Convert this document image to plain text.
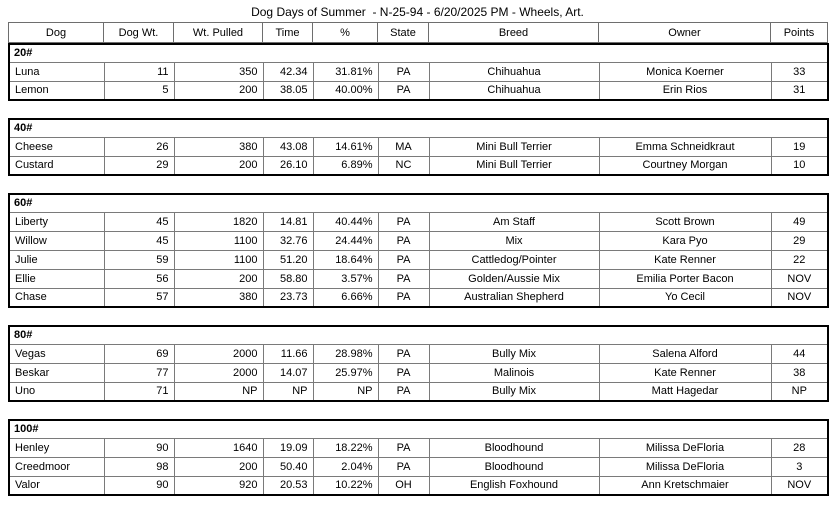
Dog Days of Summer  - N-25-94 - 6/20/2025 PM - Wheels, Art.
Dog	Dog Wt.	Wt. Pulled	Time	%	State	Breed	Owner	Points
20#								
Luna	11	350	42.34	31.81%	PA	Chihuahua	Monica Koerner	33
Lemon	5	200	38.05	40.00%	PA	Chihuahua	Erin Rios	31
40#								
Cheese	26	380	43.08	14.61%	MA	Mini Bull Terrier	Emma Schneidkraut	19
Custard	29	200	26.10	6.89%	NC	Mini Bull Terrier	Courtney Morgan	10
60#								
Liberty	45	1820	14.81	40.44%	PA	Am Staff	Scott Brown	49
Willow	45	1100	32.76	24.44%	PA	Mix	Kara Pyo	29
Julie	59	1100	51.20	18.64%	PA	Cattledog/Pointer	Kate Renner	22
Ellie	56	200	58.80	3.57%	PA	Golden/Aussie Mix	Emilia Porter Bacon	NOV
Chase	57	380	23.73	6.66%	PA	Australian Shepherd	Yo Cecil	NOV
80#								
Vegas	69	2000	11.66	28.98%	PA	Bully Mix	Salena Alford	44
Beskar	77	2000	14.07	25.97%	PA	Malinois	Kate Renner	38
Uno	71	NP	NP	NP	PA	Bully Mix	Matt Hagedar	NP
100#								
Henley	90	1640	19.09	18.22%	PA	Bloodhound	Milissa DeFloria	28
Creedmoor	98	200	50.40	2.04%	PA	Bloodhound	Milissa DeFloria	3
Valor	90	920	20.53	10.22%	OH	English Foxhound	Ann Kretschmaier	NOV
